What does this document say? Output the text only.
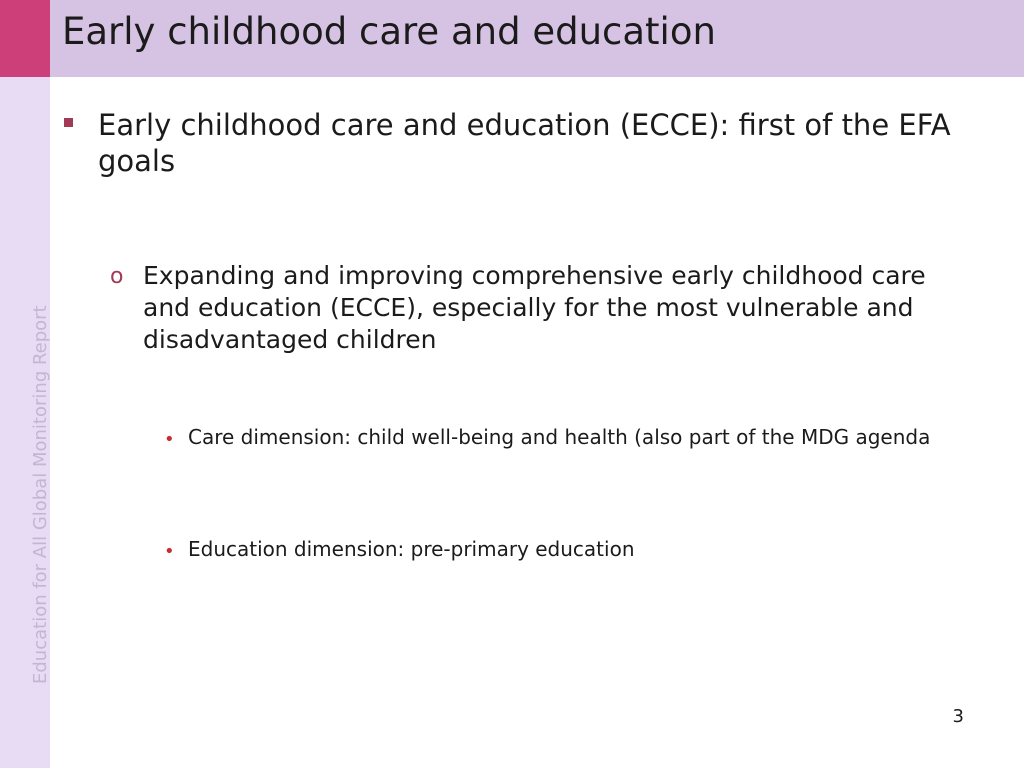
Early childhood care and education
Education for All Global Monitoring Report
Early childhood care and education (ECCE): first of the EFA goals
o Expanding and improving comprehensive early childhood care and education (ECCE), especially for the most vulnerable and disadvantaged children
• Care dimension: child well-being and health (also part of the MDG agenda
• Education dimension: pre-primary education
3
